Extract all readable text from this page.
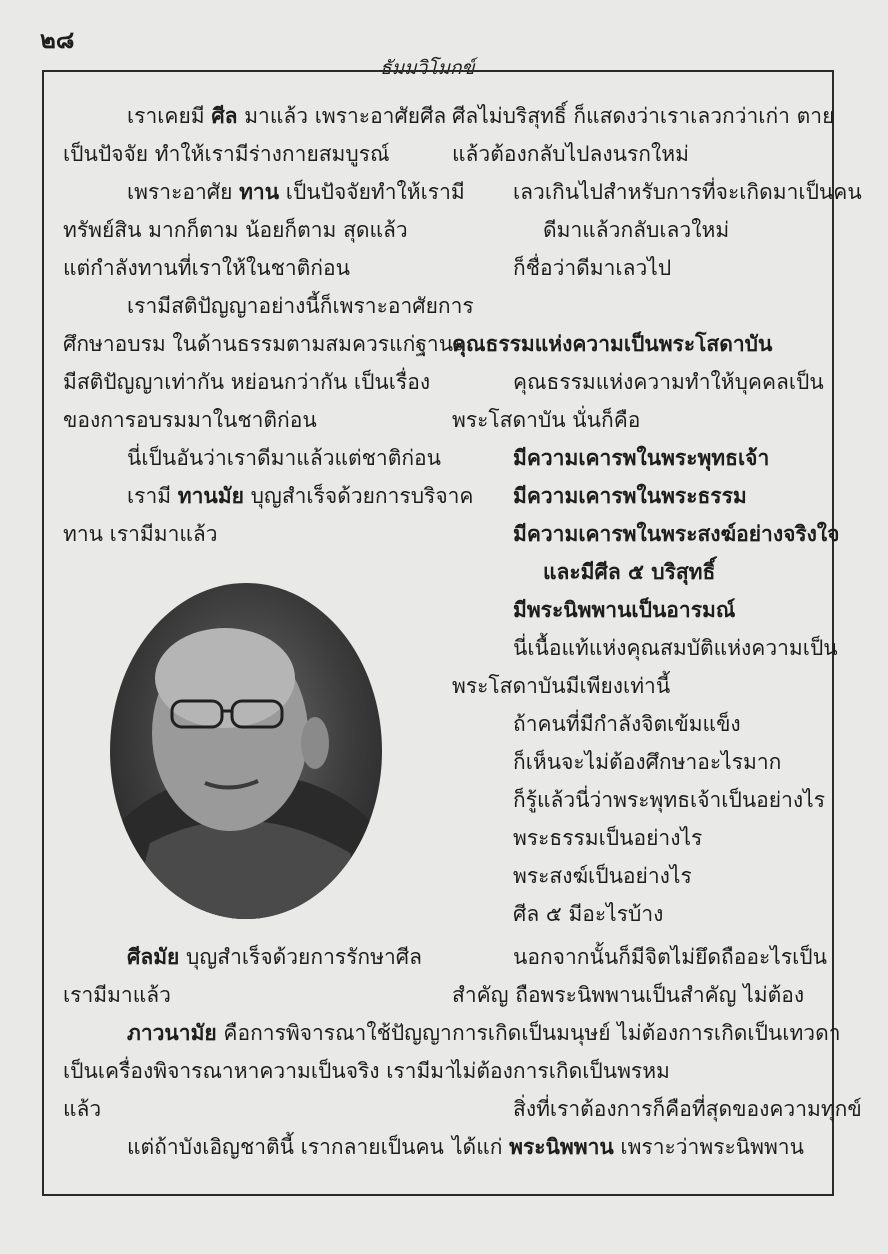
๒๘
ธัมมวิโมกข์
เราเคยมี ศีล มาแล้ว เพราะอาศัยศีล
เป็นปัจจัย ทำให้เรามีร่างกายสมบูรณ์
เพราะอาศัย ทาน เป็นปัจจัยทำให้เรามี
ทรัพย์สิน มากก็ตาม น้อยก็ตาม สุดแล้ว
แต่กำลังทานที่เราให้ในชาติก่อน
เรามีสติปัญญาอย่างนี้ก็เพราะอาศัยการ
ศึกษาอบรม ในด้านธรรมตามสมควรแก่ฐานะ
มีสติปัญญาเท่ากัน หย่อนกว่ากัน เป็นเรื่อง
ของการอบรมมาในชาติก่อน
นี่เป็นอันว่าเราดีมาแล้วแต่ชาติก่อน
เรามี ทานมัย บุญสำเร็จด้วยการบริจาค
ทาน เรามีมาแล้ว
ศีลมัย บุญสำเร็จด้วยการรักษาศีล
เรามีมาแล้ว
ภาวนามัย คือการพิจารณาใช้ปัญญา
เป็นเครื่องพิจารณาหาความเป็นจริง เรามีมา
แล้ว
แต่ถ้าบังเอิญชาตินี้ เรากลายเป็นคน
ศีลไม่บริสุทธิ์ ก็แสดงว่าเราเลวกว่าเก่า ตาย
แล้วต้องกลับไปลงนรกใหม่
เลวเกินไปสำหรับการที่จะเกิดมาเป็นคน
ดีมาแล้วกลับเลวใหม่
ก็ชื่อว่าดีมาเลวไป
คุณธรรมแห่งความเป็นพระโสดาบัน
คุณธรรมแห่งความทำให้บุคคลเป็น
พระโสดาบัน นั่นก็คือ
มีความเคารพในพระพุทธเจ้า
มีความเคารพในพระธรรม
มีความเคารพในพระสงฆ์อย่างจริงใจ
และมีศีล ๕ บริสุทธิ์
มีพระนิพพานเป็นอารมณ์
นี่เนื้อแท้แห่งคุณสมบัติแห่งความเป็น
พระโสดาบันมีเพียงเท่านี้
ถ้าคนที่มีกำลังจิตเข้มแข็ง
ก็เห็นจะไม่ต้องศึกษาอะไรมาก
ก็รู้แล้วนี่ว่าพระพุทธเจ้าเป็นอย่างไร
พระธรรมเป็นอย่างไร
พระสงฆ์เป็นอย่างไร
ศีล ๕ มีอะไรบ้าง
นอกจากนั้นก็มีจิตไม่ยึดถืออะไรเป็น
สำคัญ ถือพระนิพพานเป็นสำคัญ ไม่ต้อง
การเกิดเป็นมนุษย์ ไม่ต้องการเกิดเป็นเทวดา
ไม่ต้องการเกิดเป็นพรหม
สิ่งที่เราต้องการก็คือที่สุดของความทุกข์
ได้แก่ พระนิพพาน เพราะว่าพระนิพพาน
